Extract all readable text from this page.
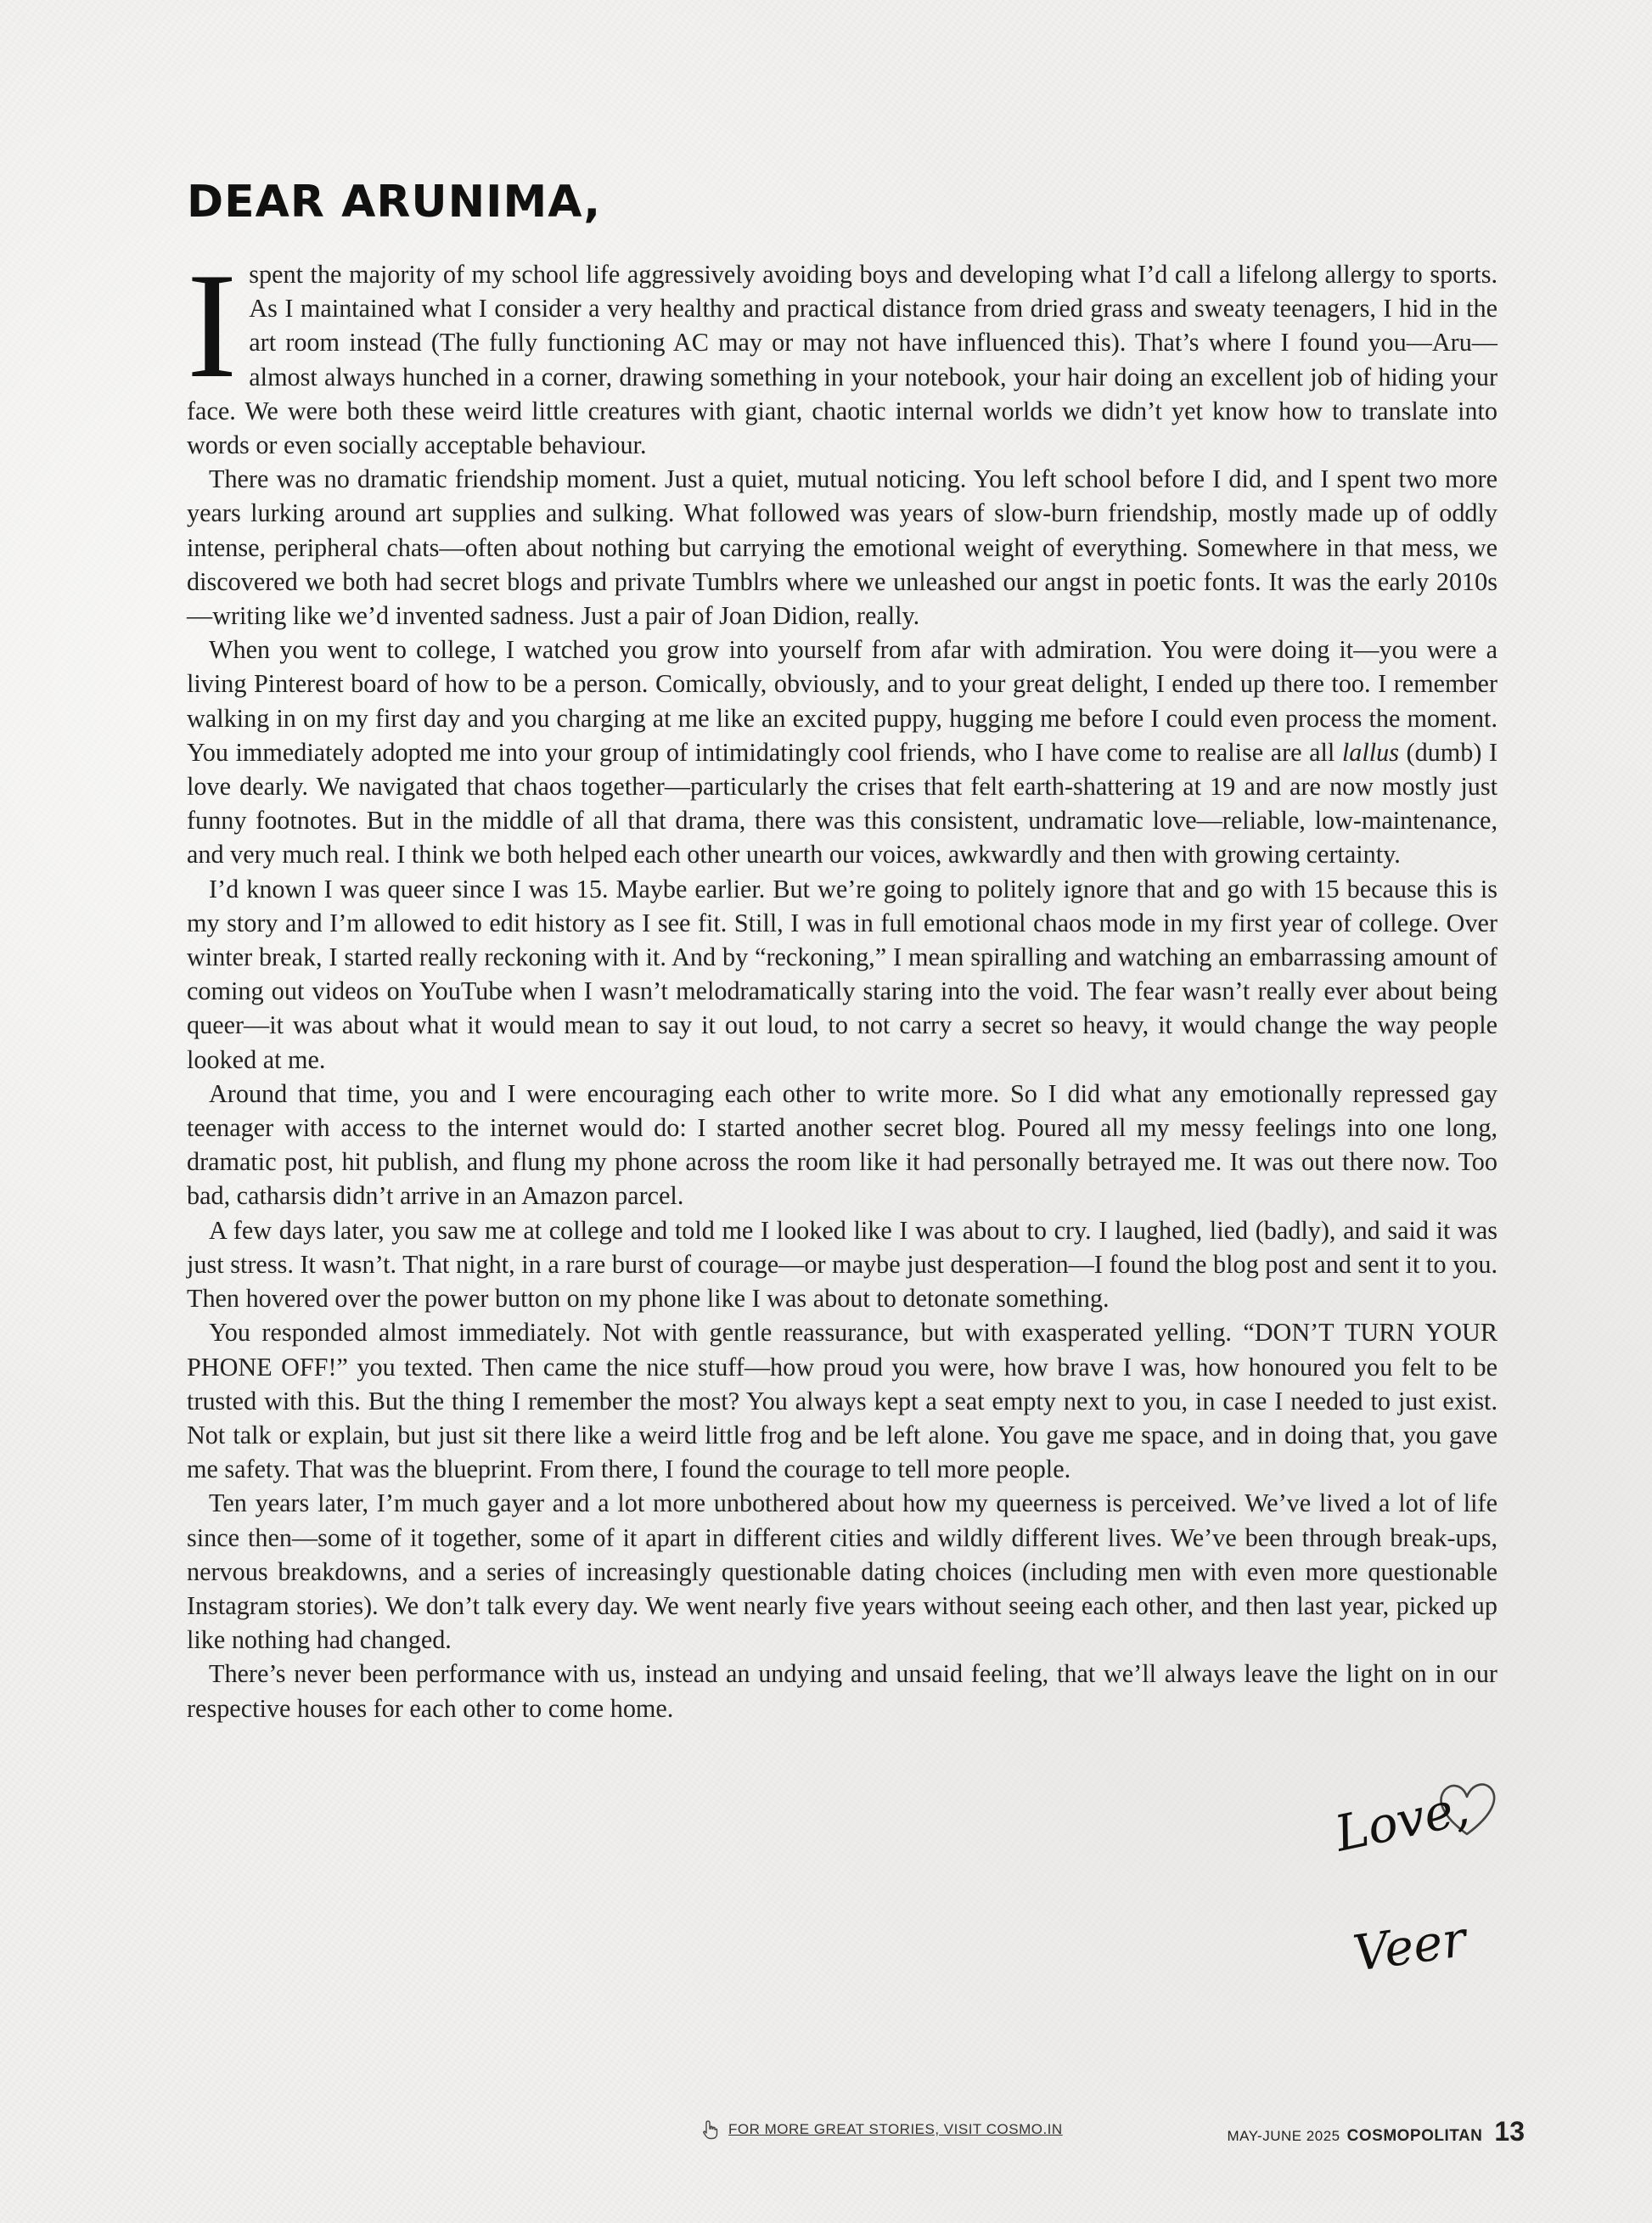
DEAR ARUNIMA,

I spent the majority of my school life aggressively avoiding boys and developing what I’d call a lifelong allergy to sports. As I maintained what I consider a very healthy and practical distance from dried grass and sweaty teenagers, I hid in the art room instead (The fully functioning AC may or may not have influenced this). That’s where I found you—Aru—almost always hunched in a corner, drawing something in your notebook, your hair doing an excellent job of hiding your face. We were both these weird little creatures with giant, chaotic internal worlds we didn’t yet know how to translate into words or even socially acceptable behaviour.

There was no dramatic friendship moment. Just a quiet, mutual noticing. You left school before I did, and I spent two more years lurking around art supplies and sulking. What followed was years of slow-burn friendship, mostly made up of oddly intense, peripheral chats—often about nothing but carrying the emotional weight of everything. Somewhere in that mess, we discovered we both had secret blogs and private Tumblrs where we unleashed our angst in poetic fonts. It was the early 2010s—writing like we’d invented sadness. Just a pair of Joan Didion, really.

When you went to college, I watched you grow into yourself from afar with admiration. You were doing it—you were a living Pinterest board of how to be a person. Comically, obviously, and to your great delight, I ended up there too. I remember walking in on my first day and you charging at me like an excited puppy, hugging me before I could even process the moment. You immediately adopted me into your group of intimidatingly cool friends, who I have come to realise are all lallus (dumb) I love dearly. We navigated that chaos together—particularly the crises that felt earth-shattering at 19 and are now mostly just funny footnotes. But in the middle of all that drama, there was this consistent, undramatic love—reliable, low-maintenance, and very much real. I think we both helped each other unearth our voices, awkwardly and then with growing certainty.

I’d known I was queer since I was 15. Maybe earlier. But we’re going to politely ignore that and go with 15 because this is my story and I’m allowed to edit history as I see fit. Still, I was in full emotional chaos mode in my first year of college. Over winter break, I started really reckoning with it. And by “reckoning,” I mean spiralling and watching an embarrassing amount of coming out videos on YouTube when I wasn’t melodramatically staring into the void. The fear wasn’t really ever about being queer—it was about what it would mean to say it out loud, to not carry a secret so heavy, it would change the way people looked at me.

Around that time, you and I were encouraging each other to write more. So I did what any emotionally repressed gay teenager with access to the internet would do: I started another secret blog. Poured all my messy feelings into one long, dramatic post, hit publish, and flung my phone across the room like it had personally betrayed me. It was out there now. Too bad, catharsis didn’t arrive in an Amazon parcel.

A few days later, you saw me at college and told me I looked like I was about to cry. I laughed, lied (badly), and said it was just stress. It wasn’t. That night, in a rare burst of courage—or maybe just desperation—I found the blog post and sent it to you. Then hovered over the power button on my phone like I was about to detonate something.

You responded almost immediately. Not with gentle reassurance, but with exasperated yelling. “DON’T TURN YOUR PHONE OFF!” you texted. Then came the nice stuff—how proud you were, how brave I was, how honoured you felt to be trusted with this. But the thing I remember the most? You always kept a seat empty next to you, in case I needed to just exist. Not talk or explain, but just sit there like a weird little frog and be left alone. You gave me space, and in doing that, you gave me safety. That was the blueprint. From there, I found the courage to tell more people.

Ten years later, I’m much gayer and a lot more unbothered about how my queerness is perceived. We’ve lived a lot of life since then—some of it together, some of it apart in different cities and wildly different lives. We’ve been through break-ups, nervous breakdowns, and a series of increasingly questionable dating choices (including men with even more questionable Instagram stories). We don’t talk every day. We went nearly five years without seeing each other, and then last year, picked up like nothing had changed.

There’s never been performance with us, instead an undying and unsaid feeling, that we’ll always leave the light on in our respective houses for each other to come home.

Love,
Veer
FOR MORE GREAT STORIES, VISIT COSMO.IN	MAY-JUNE 2025 COSMOPOLITAN 13
